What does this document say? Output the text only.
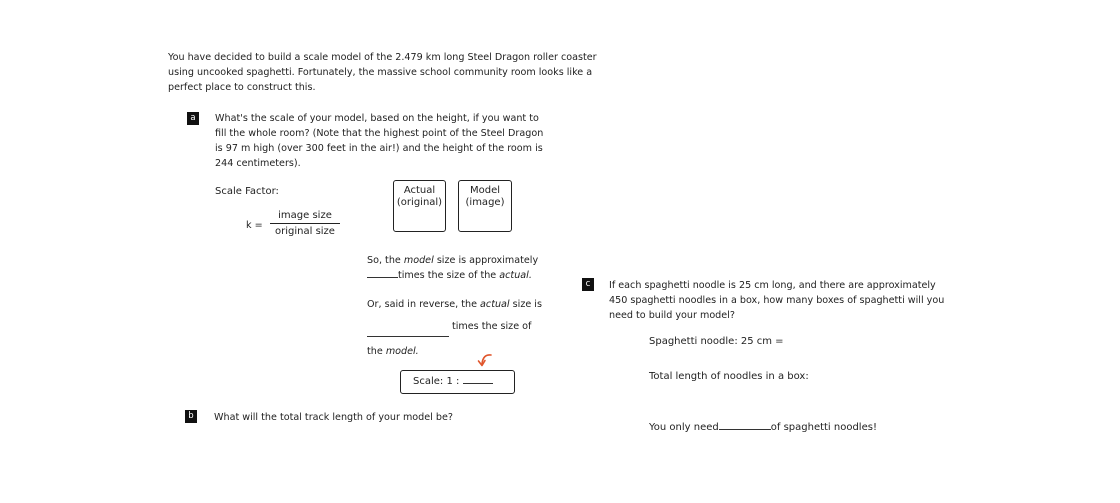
You have decided to build a scale model of the 2.479 km long Steel Dragon roller coaster using uncooked spaghetti. Fortunately, the massive school community room looks like a perfect place to construct this.
a	What's the scale of your model, based on the height, if you want to fill the whole room? (Note that the highest point of the Steel Dragon is 97 m high (over 300 feet in the air!) and the height of the room is 244 centimeters).
Scale Factor:
k =
image size
original size
Actual
(original)
Model
(image)
So, the model size is approximately
times the size of the actual.
Or, said in reverse, the actual size is
times the size of
the model.
Scale: 1 :
b	What will the total track length of your model be?
c	If each spaghetti noodle is 25 cm long, and there are approximately 450 spaghetti noodles in a box, how many boxes of spaghetti will you need to build your model?
Spaghetti noodle: 25 cm =
Total length of noodles in a box:
You only need	of spaghetti noodles!
